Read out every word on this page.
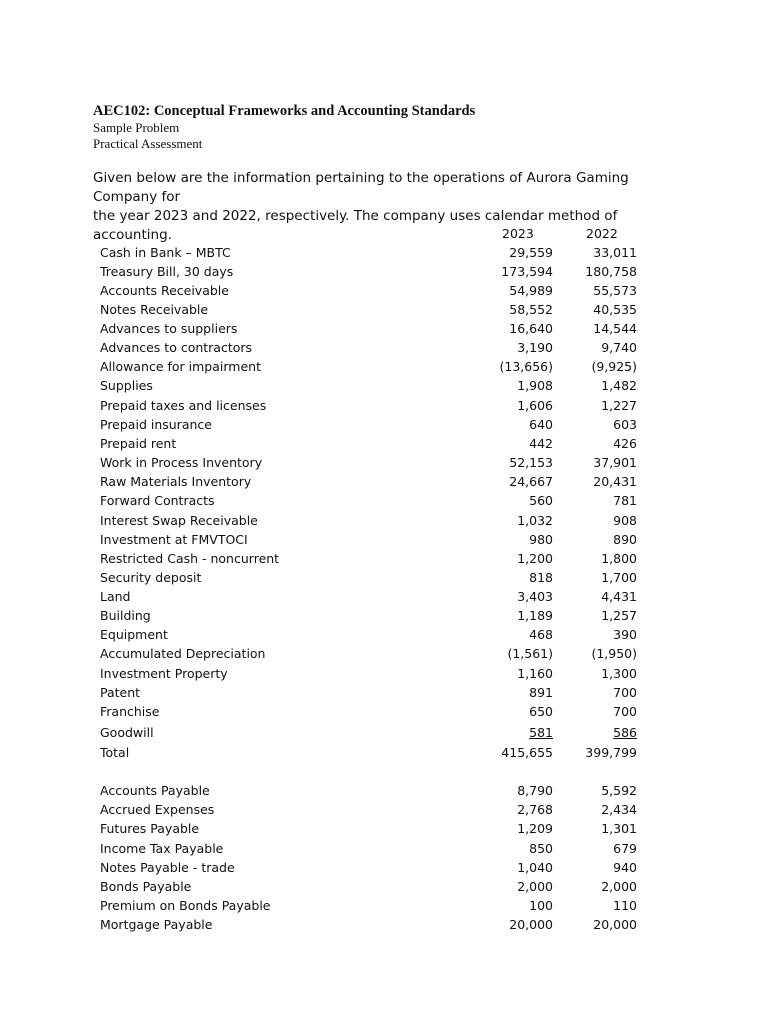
AEC102: Conceptual Frameworks and Accounting Standards
Sample Problem
Practical Assessment
Given below are the information pertaining to the operations of Aurora Gaming Company for
the year 2023 and 2022, respectively. The company uses calendar method of accounting.	2023	2022
Cash in Bank – MBTC	29,559	33,011
Treasury Bill, 30 days	173,594	180,758
Accounts Receivable	54,989	55,573
Notes Receivable	58,552	40,535
Advances to suppliers	16,640	14,544
Advances to contractors	3,190	9,740
Allowance for impairment	(13,656)	(9,925)
Supplies	1,908	1,482
Prepaid taxes and licenses	1,606	1,227
Prepaid insurance	640	603
Prepaid rent	442	426
Work in Process Inventory	52,153	37,901
Raw Materials Inventory	24,667	20,431
Forward Contracts	560	781
Interest Swap Receivable	1,032	908
Investment at FMVTOCI	980	890
Restricted Cash - noncurrent	1,200	1,800
Security deposit	818	1,700
Land	3,403	4,431
Building	1,189	1,257
Equipment	468	390
Accumulated Depreciation	(1,561)	(1,950)
Investment Property	1,160	1,300
Patent	891	700
Franchise	650	700
Goodwill	581	586
Total	415,655	399,799
Accounts Payable	8,790	5,592
Accrued Expenses	2,768	2,434
Futures Payable	1,209	1,301
Income Tax Payable	850	679
Notes Payable - trade	1,040	940
Bonds Payable	2,000	2,000
Premium on Bonds Payable	100	110
Mortgage Payable	20,000	20,000
